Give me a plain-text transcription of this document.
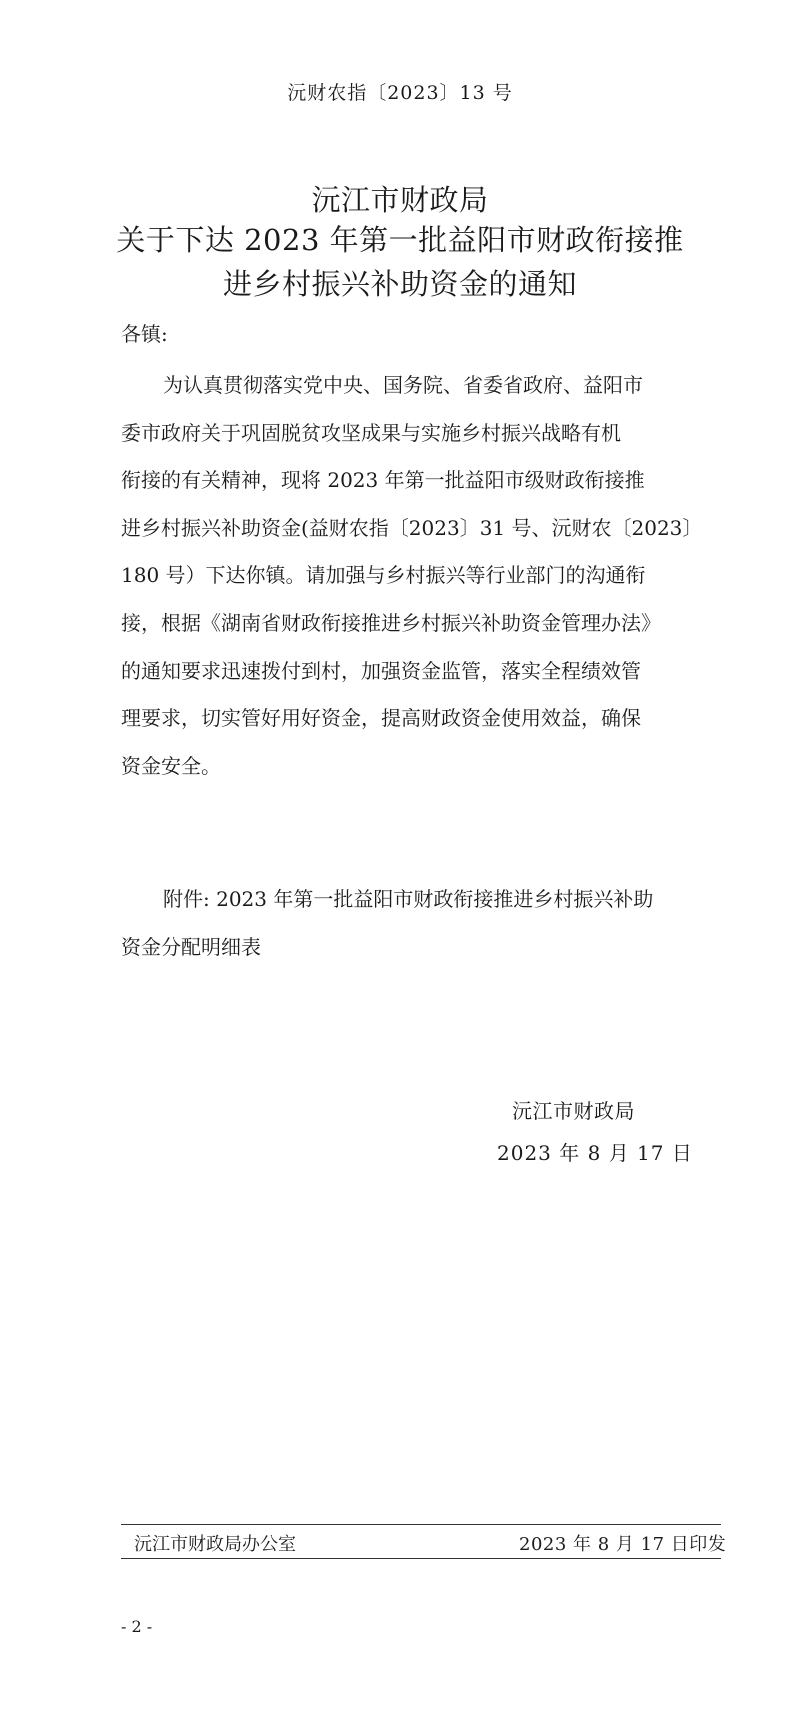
沅财农指〔2023〕13 号
沅江市财政局
关于下达 2023 年第一批益阳市财政衔接推
进乡村振兴补助资金的通知
各镇:
为认真贯彻落实党中央、国务院、省委省政府、益阳市
委市政府关于巩固脱贫攻坚成果与实施乡村振兴战略有机
衔接的有关精神，现将 2023 年第一批益阳市级财政衔接推
进乡村振兴补助资金(益财农指〔2023〕31 号、沅财农〔2023〕
180 号）下达你镇。请加强与乡村振兴等行业部门的沟通衔
接，根据《湖南省财政衔接推进乡村振兴补助资金管理办法》
的通知要求迅速拨付到村，加强资金监管，落实全程绩效管
理要求，切实管好用好资金，提高财政资金使用效益，确保
资金安全。
附件: 2023 年第一批益阳市财政衔接推进乡村振兴补助
资金分配明细表
沅江市财政局
2023 年 8 月 17 日
沅江市财政局办公室	2023 年 8 月 17 日印发
- 2 -
